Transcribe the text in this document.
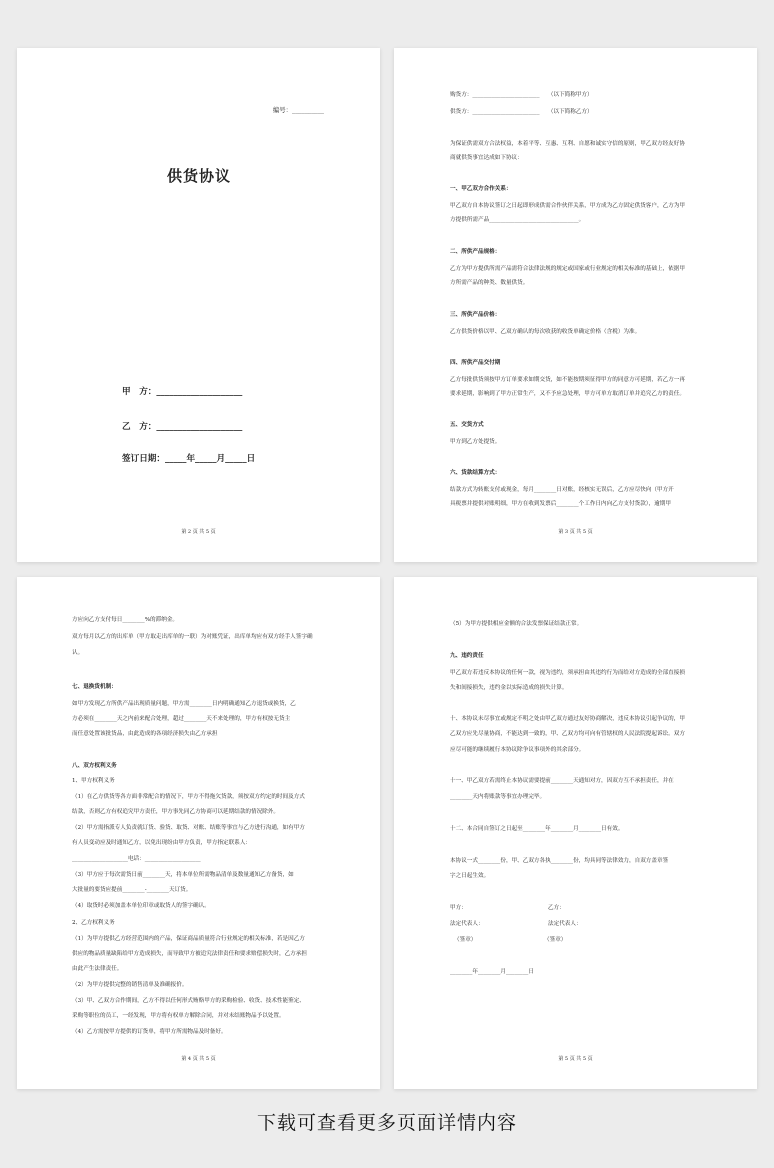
编号：__________
供货协议
甲　方：____________________
乙　方：____________________
签订日期：_____年_____月_____日
第 2 页 共 5 页
购货方：________________________　　（以下简称甲方）
供货方：________________________　　（以下简称乙方）
为保证供需双方合法权益，本着平等、互惠、互利、自愿和诚实守信的原则，甲乙双方经友好协
商就供货事宜达成如下协议：
一、甲乙双方合作关系：
甲乙双方自本协议签订之日起即形成供需合作伙伴关系，甲方成为乙方固定供货客户，乙方为甲
方提供所需产品________________________________。
二、所供产品规格：
乙方为甲方提供所需产品需符合法律法规的规定或国家或行业规定的相关标准的基础上，依据甲
方所需产品的种类、数量供货。
三、所供产品价格：
乙方供货价格以甲、乙双方确认的每次收获的收货单确定价格（含税）为准。
四、所供产品交付期
乙方每批供货须按甲方订单要求如期交货，如不能按期须征得甲方的同意方可延期，若乙方一再
要求延期，影响到了甲方正常生产，又不予应急处理，甲方可单方取消订单并追究乙方的责任。
五、交货方式
甲方到乙方处提货。
六、货款结算方式：
结款方式为转账支付或现金，每月________日对账，经核实无误后，乙方应尽快向（甲方开
具税票并提供对账明细，甲方在收到发票后________个工作日内向乙方支付货款），逾期甲
第 3 页 共 5 页
方应向乙方支付每日________%的滞纳金。
双方每月以乙方的出库单（甲方取走出库单的一联）为对账凭证，出库单均应有双方经手人签字确
认。
七、退换货机制：
如甲方发现乙方所供产品出现质量问题，甲方需________日内明确通知乙方退货或换货，乙
方必须在________天之内前来配合处理，超过________天不来处理的，甲方有权按无货主
而任意处置该批货品，由此造成的各项经济损失由乙方承担
八、双方权利义务
1、甲方权利义务
（1）在乙方供货等各方面非常配合的情况下，甲方不得拖欠货款，须按双方约定的时间及方式
结款，否则乙方有权追究甲方责任，甲方事先同乙方协商可以延期结款的情况除外。
（2）甲方需指派专人负责就订货、验货、取货、对账、结账等事宜与乙方进行沟通，如有甲方
有人员变动应及时通知乙方，以免出现纷由甲方负责，甲方指定联系人：
____________________电话：____________________
（3）甲方应于每次需货日前________天，将本单位所需物品清单及数量通知乙方备货，如
大批量的要货应提前________-________天订货。
（4）取货时必须加盖本单位印章或取货人的签字确认。
2、乙方权利义务
（1）为甲方提供乙方经营范围内的产品，保证商品质量符合行业规定的相关标准，若是因乙方
供应的物品质量缺陷给甲方造成损失，而导致甲方被追究法律责任和要求赔偿损失时，乙方承担
由此产生法律责任。
（2）为甲方提供完整的销售清单及准确报价。
（3）甲、乙双方合作期间，乙方不得以任何形式贿赂甲方的采购检验、收货、技术性能鉴定、
采购等职位的员工，一经发现，甲方将有权单方解除合同，并对未结账物品予以处置。
（4）乙方需按甲方提供的订货单，将甲方所需物品及时备好。
第 4 页 共 5 页
（5）为甲方提供相应金额的合法发票保证结款正常。
九、违约责任
甲乙双方若违反本协议的任何一款，视为违约，须承担由其违约行为而给对方造成的全部直接损
失和间接损失，违约金以实际造成的损失计算。
十、本协议未尽事宜或规定不明之处由甲乙双方通过友好协商解决，违反本协议引起争议的，甲
乙双方应先尽量协商，不能达到一致的，甲、乙双方均可向有管辖权的人民法院提起诉讼。双方
应尽可能的继续履行本协议除争议事项外的其余部分。
十一、甲乙双方若需终止本协议需要提前________天通知对方，因双方互不承担责任，并在
________天内将账款等事宜办理完毕。
十二、本合同自签订之日起至________年________月________日有效。
本协议一式________份，甲、乙双方各执________份，均具同等法律效力，自双方盖章签
字之日起生效。
甲方：	乙方：
法定代表人：	法定代表人：
（签章）	（签章）
________年________月________日
第 5 页 共 5 页
下载可查看更多页面详情内容
